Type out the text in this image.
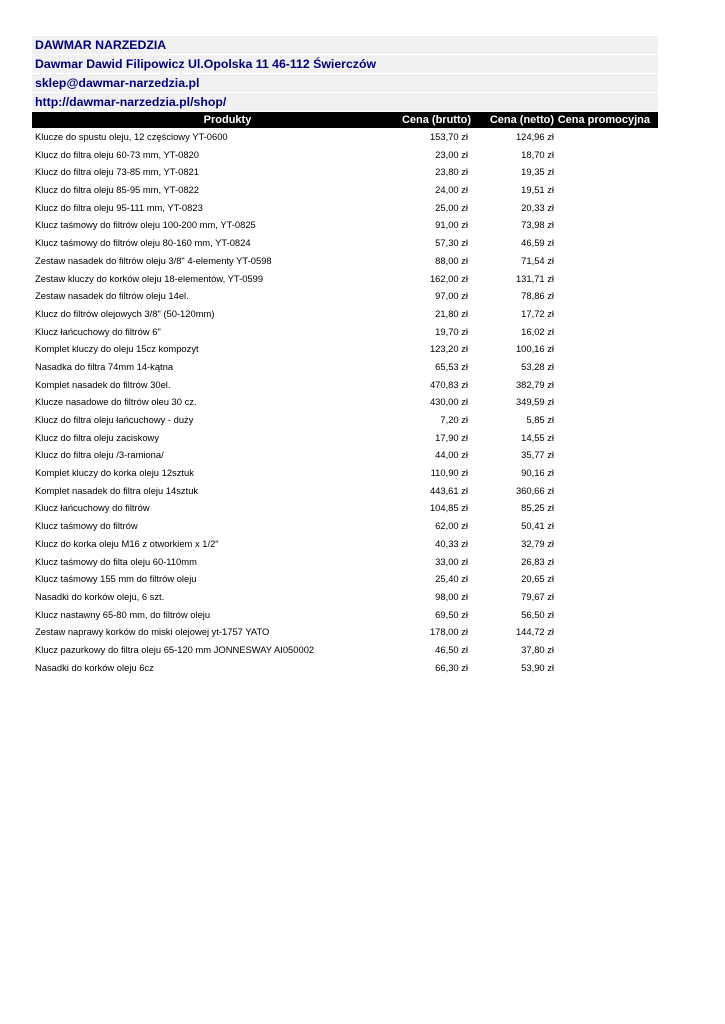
DAWMAR NARZEDZIA
Dawmar Dawid Filipowicz Ul.Opolska 11 46-112 Świerczów
sklep@dawmar-narzedzia.pl
http://dawmar-narzedzia.pl/shop/
Produkty	Cena (brutto)	Cena (netto) Cena promocyjna
Klucze do spustu oleju, 12 częściowy YT-0600	153,70 zł	124,96 zł
Klucz do filtra oleju 60-73 mm, YT-0820	23,00 zł	18,70 zł
Klucz do filtra oleju 73-85 mm, YT-0821	23,80 zł	19,35 zł
Klucz do filtra oleju 85-95 mm, YT-0822	24,00 zł	19,51 zł
Klucz do filtra oleju 95-111 mm, YT-0823	25,00 zł	20,33 zł
Klucz taśmowy do filtrów oleju 100-200 mm, YT-0825	91,00 zł	73,98 zł
Klucz taśmowy do filtrów oleju 80-160 mm, YT-0824	57,30 zł	46,59 zł
Zestaw nasadek do filtrów oleju 3/8" 4-elementy YT-0598	88,00 zł	71,54 zł
Zestaw kluczy do korków oleju 18-elementów, YT-0599	162,00 zł	131,71 zł
Zestaw nasadek do filtrów oleju 14el.	97,00 zł	78,86 zł
Klucz do filtrów olejowych 3/8" (50-120mm)	21,80 zł	17,72 zł
Klucz łańcuchowy do filtrów 6"	19,70 zł	16,02 zł
Komplet kluczy do oleju 15cz kompozyt	123,20 zł	100,16 zł
Nasadka do filtra 74mm 14-kątna	65,53 zł	53,28 zł
Komplet nasadek do filtrów 30el.	470,83 zł	382,79 zł
Klucze nasadowe do filtrów oleu 30 cz.	430,00 zł	349,59 zł
Klucz do filtra oleju łańcuchowy - duży	7,20 zł	5,85 zł
Klucz do filtra oleju zaciskowy	17,90 zł	14,55 zł
Klucz do filtra oleju /3-ramiona/	44,00 zł	35,77 zł
Komplet kluczy do korka oleju 12sztuk	110,90 zł	90,16 zł
Komplet nasadek do filtra oleju 14sztuk	443,61 zł	360,66 zł
Klucz łańcuchowy do filtrów	104,85 zł	85,25 zł
Klucz taśmowy do filtrów	62,00 zł	50,41 zł
Klucz do korka oleju M16 z otworkiem x 1/2"	40,33 zł	32,79 zł
Klucz taśmowy do filta oleju 60-110mm	33,00 zł	26,83 zł
Klucz taśmowy 155 mm do filtrów oleju	25,40 zł	20,65 zł
Nasadki do korków oleju, 6 szt.	98,00 zł	79,67 zł
Klucz nastawny 65-80 mm, do filtrów oleju	69,50 zł	56,50 zł
Zestaw naprawy korków do miski olejowej yt-1757 YATO	178,00 zł	144,72 zł
Klucz pazurkowy do filtra oleju 65-120 mm JONNESWAY AI050002	46,50 zł	37,80 zł
Nasadki do korków oleju 6cz	66,30 zł	53,90 zł
